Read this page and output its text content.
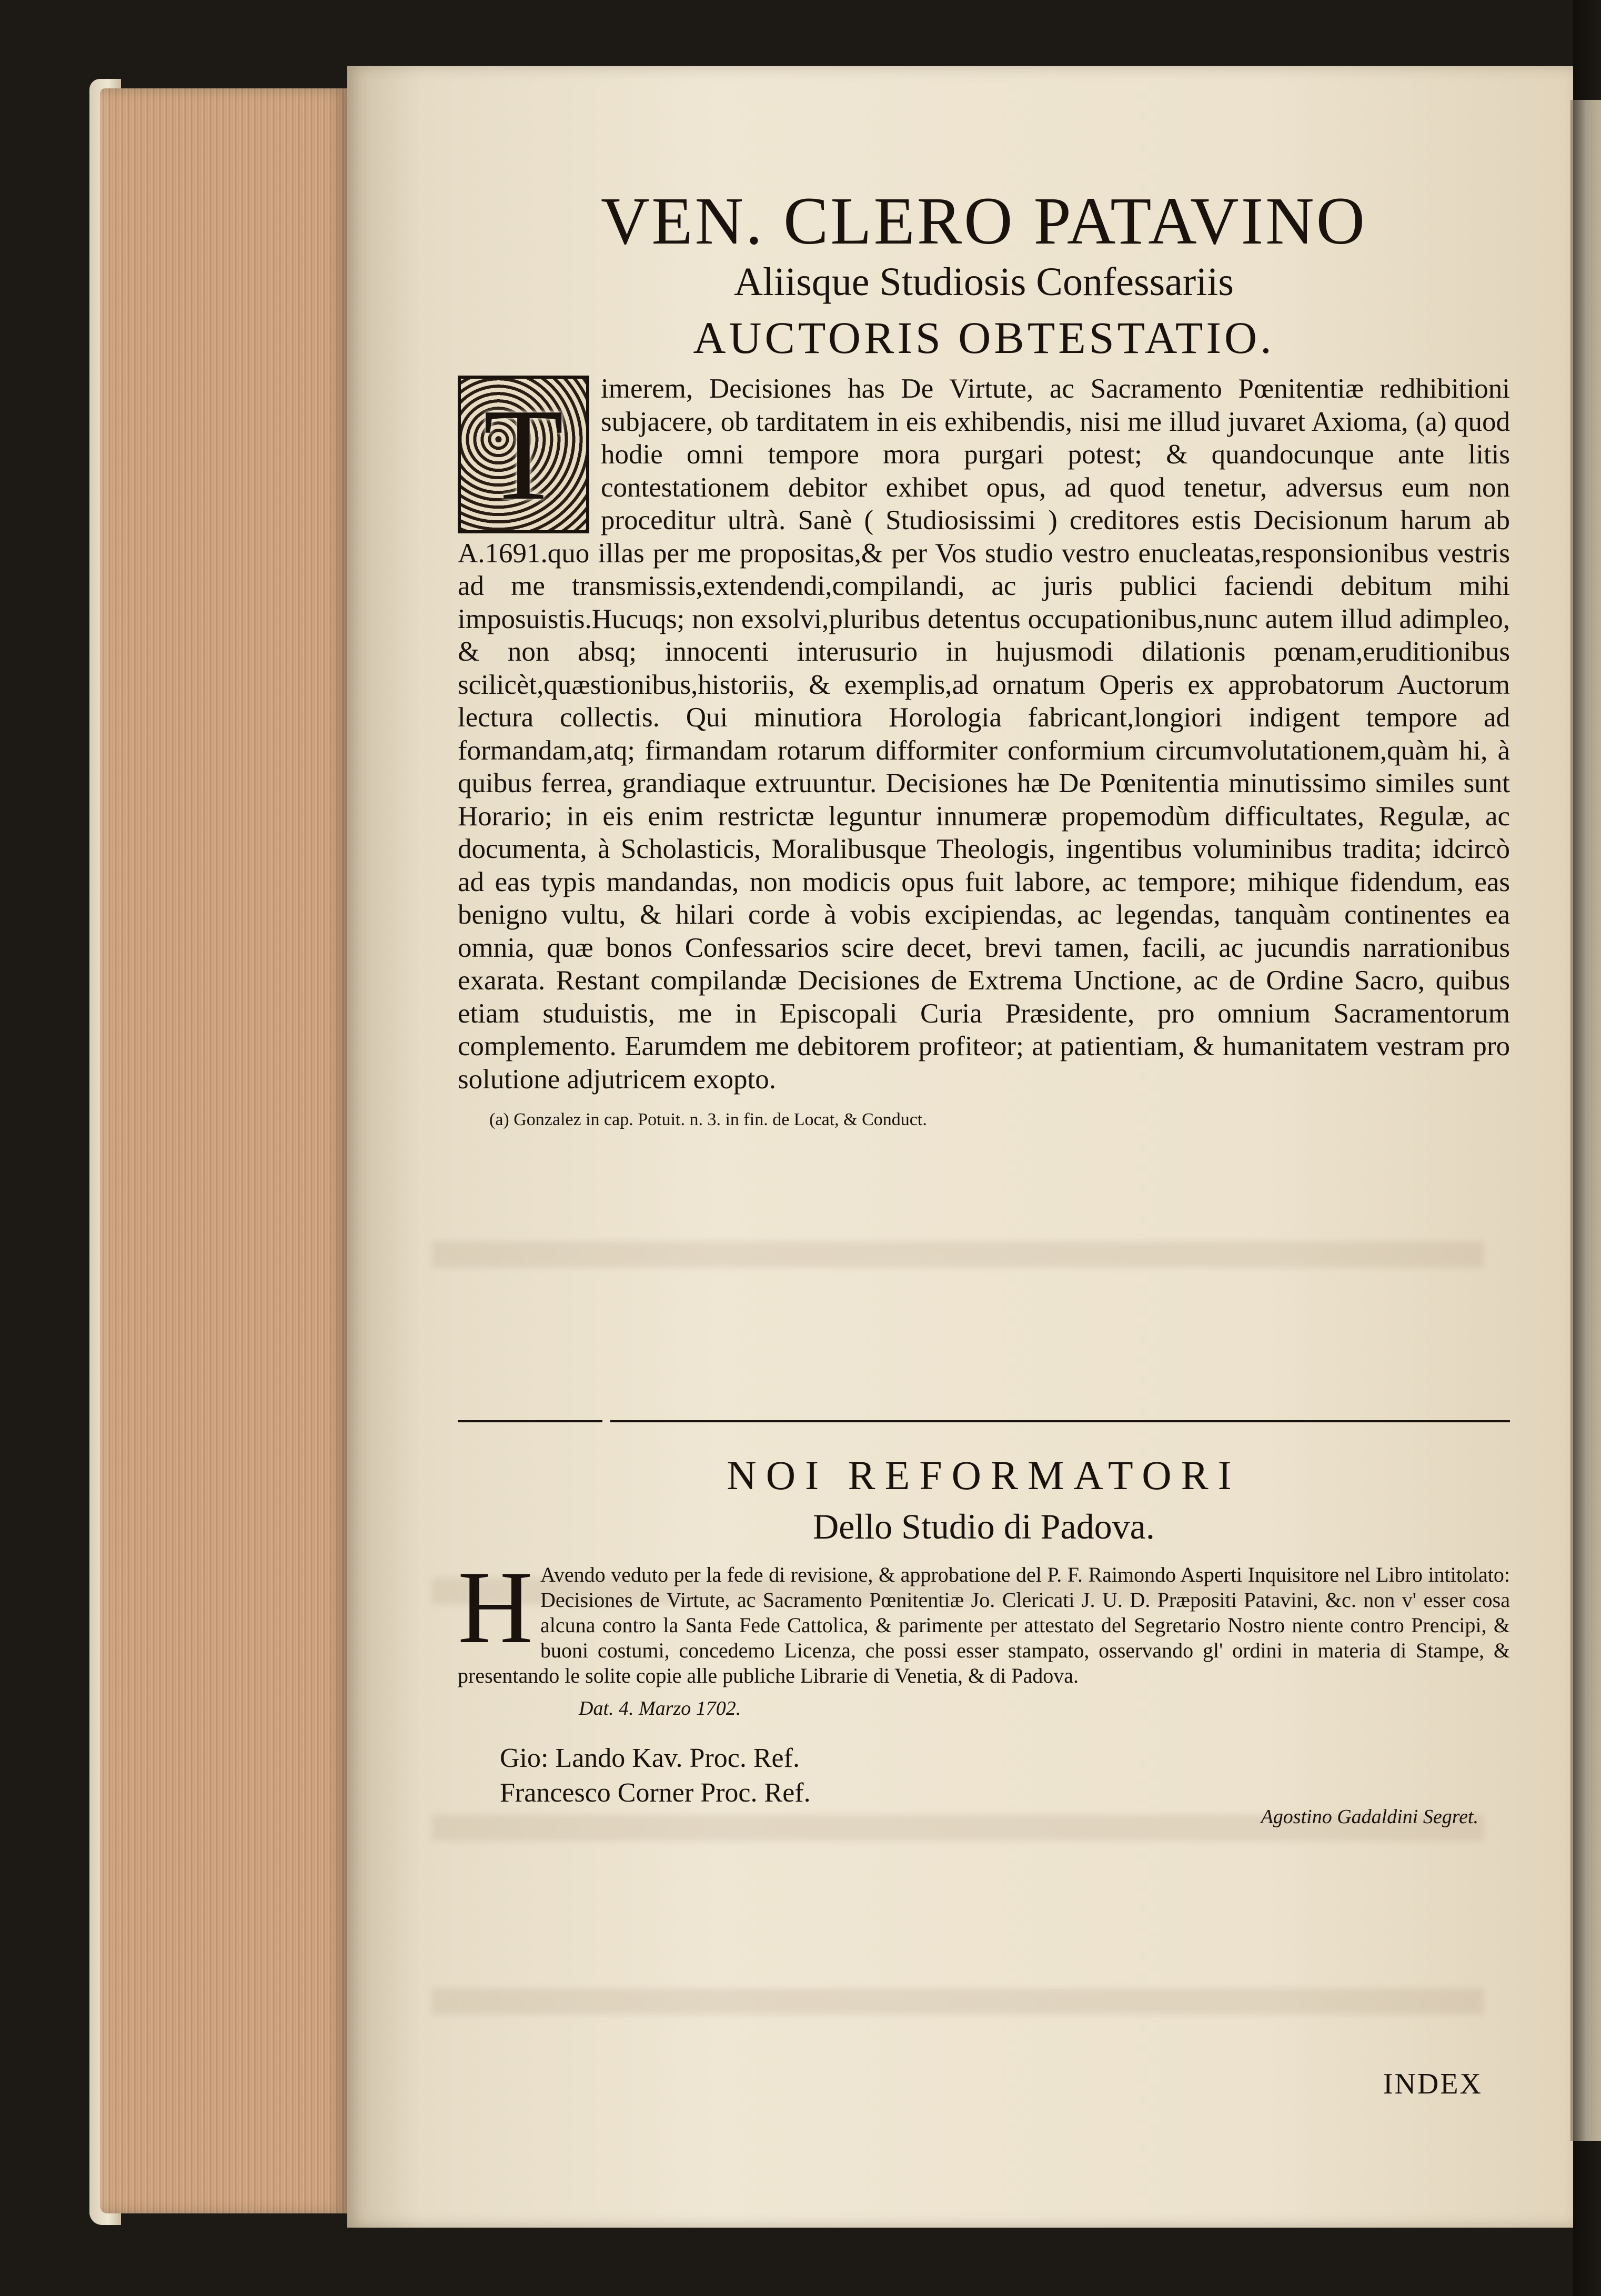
VEN. CLERO PATAVINO

Aliisque Studiosis Confessariis

AUCTORIS OBTESTATIO.

T	imerem, Decisiones has De Virtute, ac Sacramento Pœnitentiæ redhibitioni subjacere, ob tarditatem in eis exhibendis, nisi me illud juvaret Axioma, (a) quod hodie omni tempore mora purgari potest; & quandocunque ante litis contestationem debitor exhibet opus, ad quod tenetur, adversus eum non proceditur ultrà. Sanè ( Studiosissimi ) creditores estis Decisionum harum ab A.1691.quo illas per me propositas,& per Vos studio vestro enucleatas,responsionibus vestris ad me transmissis,extendendi,compilandi, ac juris publici faciendi debitum mihi imposuistis.Hucuqs; non exsolvi,pluribus detentus occupationibus,nunc autem illud adimpleo, & non absq; innocenti interusurio in hujusmodi dilationis pœnam,eruditionibus scilicèt,quæstionibus,historiis, & exemplis,ad ornatum Operis ex approbatorum Auctorum lectura collectis. Qui minutiora Horologia fabricant,longiori indigent tempore ad formandam,atq; firmandam rotarum difformiter conformium circumvolutationem,quàm hi, à quibus ferrea, grandiaque extruuntur. Decisiones hæ De Pœnitentia minutissimo similes sunt Horario; in eis enim restrictæ leguntur innumeræ propemodùm difficultates, Regulæ, ac documenta, à Scholasticis, Moralibusque Theologis, ingentibus voluminibus tradita; idcircò ad eas typis mandandas, non modicis opus fuit labore, ac tempore; mihique fidendum, eas benigno vultu, & hilari corde à vobis excipiendas, ac legendas, tanquàm continentes ea omnia, quæ bonos Confessarios scire decet, brevi tamen, facili, ac jucundis narrationibus exarata. Restant compilandæ Decisiones de Extrema Unctione, ac de Ordine Sacro, quibus etiam studuistis, me in Episcopali Curia Præsidente, pro omnium Sacramentorum complemento. Earumdem me debitorem profiteor; at patientiam, & humanitatem vestram pro solutione adjutricem exopto.
(a) Gonzalez in cap. Potuit. n. 3. in fin. de Locat, & Conduct.

NOI REFORMATORI

Dello Studio di Padova.

H Avendo veduto per la fede di revisione, & approbatione del P. F. Raimondo Asperti Inquisitore nel Libro intitolato: Decisiones de Virtute, ac Sacramento Pœnitentiæ Jo. Clericati J. U. D. Præpositi Patavini, &c. non v' esser cosa alcuna contro la Santa Fede Cattolica, & parimente per attestato del Segretario Nostro niente contro Prencipi, & buoni costumi, concedemo Licenza, che possi esser stampato, osservando gl' ordini in materia di Stampe, & presentando le solite copie alle publiche Librarie di Venetia, & di Padova.
Dat. 4. Marzo 1702.
Gio: Lando Kav. Proc. Ref.
Francesco Corner Proc. Ref.
Agostino Gadaldini Segret.
INDEX
